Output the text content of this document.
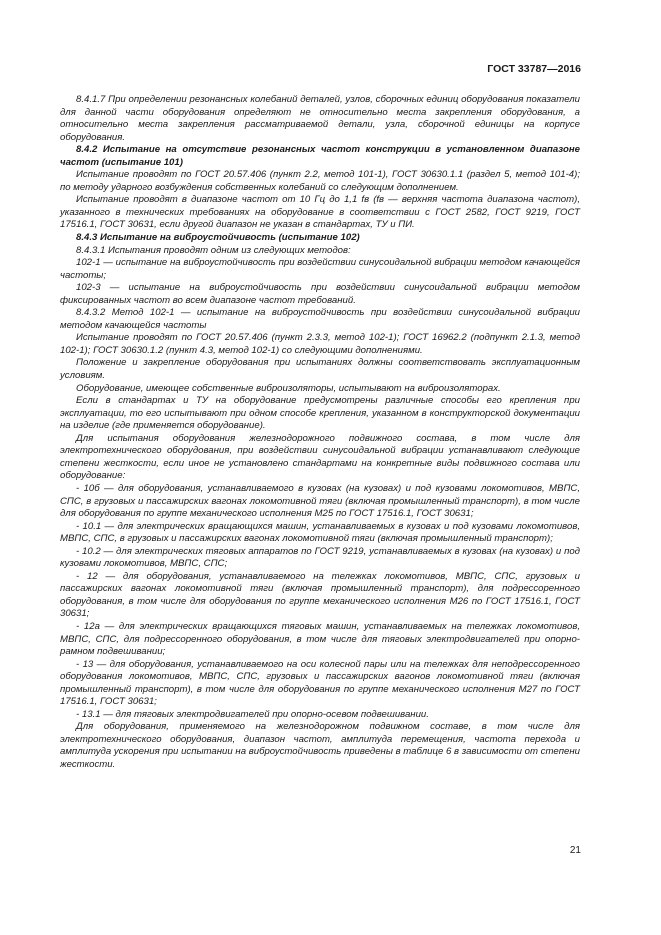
ГОСТ 33787—2016

8.4.1.7 При определении резонансных колебаний деталей, узлов, сборочных единиц оборудования показатели для данной части оборудования определяют не относительно места закрепления оборудования, а относительно места закрепления рассматриваемой детали, узла, сборочной единицы на корпусе оборудования.

8.4.2 Испытание на отсутствие резонансных частот конструкции в установленном диапазоне частот (испытание 101)

Испытание проводят по ГОСТ 20.57.406 (пункт 2.2, метод 101-1), ГОСТ 30630.1.1 (раздел 5, метод 101-4); по методу ударного возбуждения собственных колебаний со следующим дополнением.

Испытание проводят в диапазоне частот от 10 Гц до 1,1 fв (fв — верхняя частота диапазона частот), указанного в технических требованиях на оборудование в соответствии с ГОСТ 2582, ГОСТ 9219, ГОСТ 17516.1, ГОСТ 30631, если другой диапазон не указан в стандартах, ТУ и ПИ.

8.4.3 Испытание на виброустойчивость (испытание 102)

8.4.3.1 Испытания проводят одним из следующих методов:

102-1 — испытание на виброустойчивость при воздействии синусоидальной вибрации методом качающейся частоты;

102-3 — испытание на виброустойчивость при воздействии синусоидальной вибрации методом фиксированных частот во всем диапазоне частот требований.

8.4.3.2 Метод 102-1 — испытание на виброустойчивость при воздействии синусоидальной вибрации методом качающейся частоты

Испытание проводят по ГОСТ 20.57.406 (пункт 2.3.3, метод 102-1); ГОСТ 16962.2 (подпункт 2.1.3, метод 102-1); ГОСТ 30630.1.2 (пункт 4.3, метод 102-1) со следующими дополнениями.

Положение и закрепление оборудования при испытаниях должны соответствовать эксплуатационным условиям.

Оборудование, имеющее собственные виброизоляторы, испытывают на виброизоляторах.

Если в стандартах и ТУ на оборудование предусмотрены различные способы его крепления при эксплуатации, то его испытывают при одном способе крепления, указанном в конструкторской документации на изделие (где применяется оборудование).

Для испытания оборудования железнодорожного подвижного состава, в том числе для электротехнического оборудования, при воздействии синусоидальной вибрации устанавливают следующие степени жесткости, если иное не установлено стандартами на конкретные виды подвижного состава или оборудование:

- 10б — для оборудования, устанавливаемого в кузовах (на кузовах) и под кузовами локомотивов, МВПС, СПС, в грузовых и пассажирских вагонах локомотивной тяги (включая промышленный транспорт), в том числе для оборудования по группе механического исполнения М25 по ГОСТ 17516.1, ГОСТ 30631;

- 10.1 — для электрических вращающихся машин, устанавливаемых в кузовах и под кузовами локомотивов, МВПС, СПС, в грузовых и пассажирских вагонах локомотивной тяги (включая промышленный транспорт);

- 10.2 — для электрических тяговых аппаратов по ГОСТ 9219, устанавливаемых в кузовах (на кузовах) и под кузовами локомотивов, МВПС, СПС;

- 12 — для оборудования, устанавливаемого на тележках локомотивов, МВПС, СПС, грузовых и пассажирских вагонах локомотивной тяги (включая промышленный транспорт), для подрессоренного оборудования, в том числе для оборудования по группе механического исполнения М26 по ГОСТ 17516.1, ГОСТ 30631;

- 12а — для электрических вращающихся тяговых машин, устанавливаемых на тележках локомотивов, МВПС, СПС, для подрессоренного оборудования, в том числе для тяговых электродвигателей при опорно-рамном подвешивании;

- 13 — для оборудования, устанавливаемого на оси колесной пары или на тележках для неподрессоренного оборудования локомотивов, МВПС, СПС, грузовых и пассажирских вагонов локомотивной тяги (включая промышленный транспорт), в том числе для оборудования по группе механического исполнения М27 по ГОСТ 17516.1, ГОСТ 30631;

- 13.1 — для тяговых электродвигателей при опорно-осевом подвешивании.

Для оборудования, применяемого на железнодорожном подвижном составе, в том числе для электротехнического оборудования, диапазон частот, амплитуда перемещения, частота перехода и амплитуда ускорения при испытании на виброустойчивость приведены в таблице 6 в зависимости от степени жесткости.

21
